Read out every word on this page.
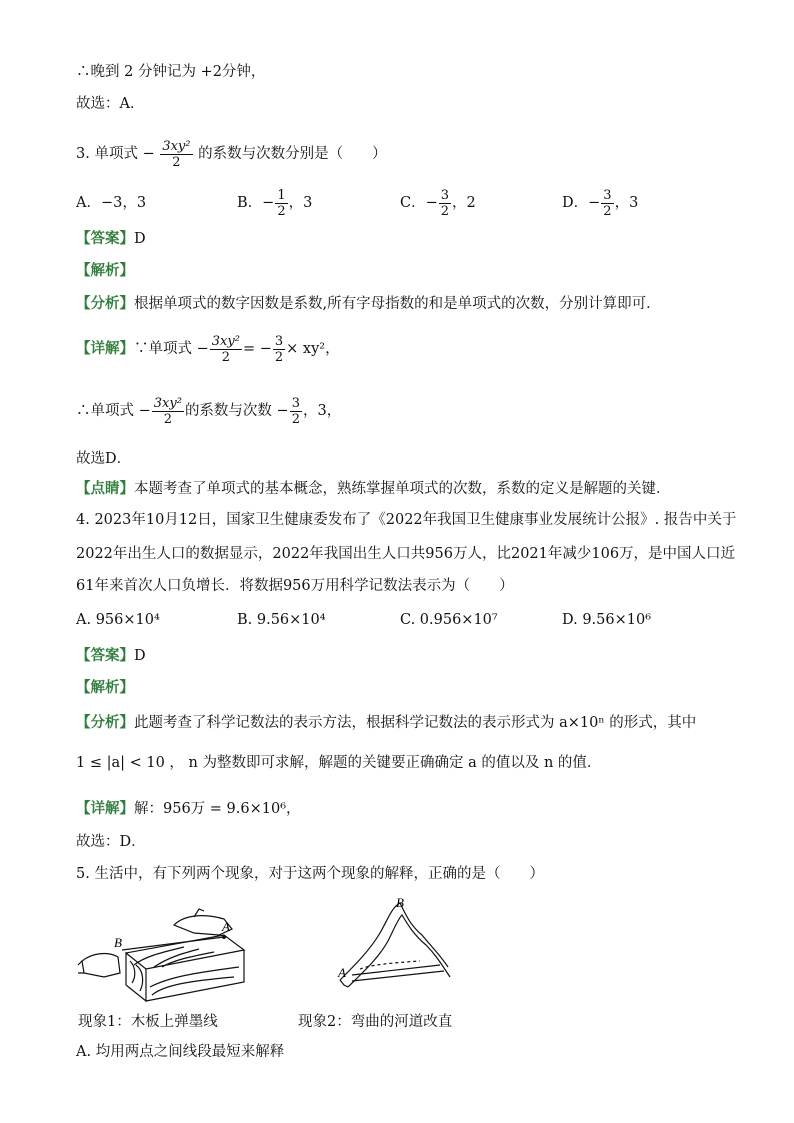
∴晚到 2 分钟记为 +2分钟，
故选：A．
3. 单项式 − $\frac{\text{3xy²}}{2}$ 的系数与次数分别是（　　）
A．−3，3	B．− $\frac{1}{2}$ ，3	C．− $\frac{3}{2}$ ，2	D．− $\frac{3}{2}$ ，3
【答案】D
【解析】
【分析】根据单项式的数字因数是系数,所有字母指数的和是单项式的次数，分别计算即可．
【详解】∵单项式 − $\frac{\text{3xy²}}{2}$ = − $\frac{3}{2} \times xy^2$，
∴单项式 − $\frac{\text{3xy²}}{2}$ 的系数与次数 − $\frac{3}{2}$ ，3，
故选D．
【点睛】本题考查了单项式的基本概念，熟练掌握单项式的次数，系数的定义是解题的关键．
4. 2023年10月12日，国家卫生健康委发布了《2022年我国卫生健康事业发展统计公报》. 报告中关于
2022年出生人口的数据显示，2022年我国出生人口共956万人，比2021年减少106万，是中国人口近
61年来首次人口负增长．将数据956万用科学记数法表示为（　　）
A. 956×10⁴	B. 9.56×10⁴	C. 0.956×10⁷	D. 9.56×10⁶
【答案】D
【解析】
【分析】此题考查了科学记数法的表示方法，根据科学记数法的表示形式为 a×10ⁿ 的形式，其中
1 ≤ |a| < 10 ， n 为整数即可求解，解题的关键要正确确定 a 的值以及 n 的值．
【详解】解：956万 = 9.6×10⁶，
故选：D．
5. 生活中，有下列两个现象，对于这两个现象的解释，正确的是（　　）
B
A
B
A
现象1：木板上弹墨线	现象2：弯曲的河道改直
A. 均用两点之间线段最短来解释
